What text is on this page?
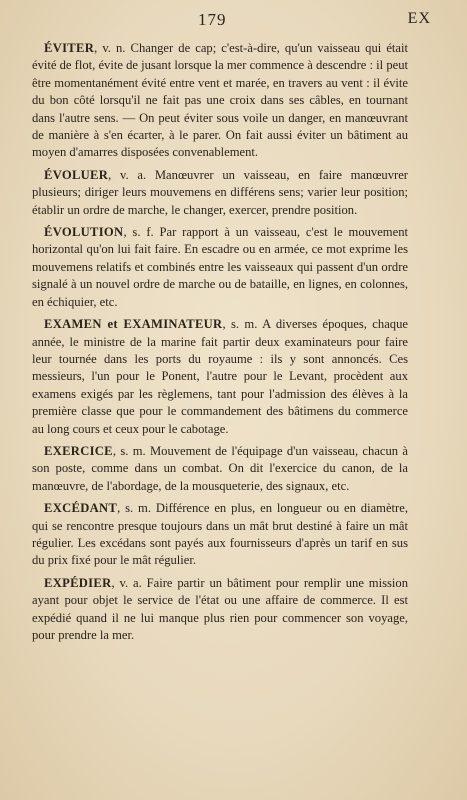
179	EX

ÉVITER, v. n. Changer de cap; c'est-à-dire, qu'un vaisseau qui était évité de flot, évite de jusant lorsque la mer commence à descendre : il peut être momentanément évité entre vent et marée, en travers au vent : il évite du bon côté lorsqu'il ne fait pas une croix dans ses câbles, en tournant dans l'autre sens. — On peut éviter sous voile un danger, en manœuvrant de manière à s'en écarter, à le parer. On fait aussi éviter un bâtiment au moyen d'amarres disposées convenablement.

ÉVOLUER, v. a. Manœuvrer un vaisseau, en faire manœuvrer plusieurs; diriger leurs mouvemens en différens sens; varier leur position; établir un ordre de marche, le changer, exercer, prendre position.

ÉVOLUTION, s. f. Par rapport à un vaisseau, c'est le mouvement horizontal qu'on lui fait faire. En escadre ou en armée, ce mot exprime les mouvemens relatifs et combinés entre les vaisseaux qui passent d'un ordre signalé à un nouvel ordre de marche ou de bataille, en lignes, en colonnes, en échiquier, etc.

EXAMEN et EXAMINATEUR, s. m. A diverses époques, chaque année, le ministre de la marine fait partir deux examinateurs pour faire leur tournée dans les ports du royaume : ils y sont annoncés. Ces messieurs, l'un pour le Ponent, l'autre pour le Levant, procèdent aux examens exigés par les règlemens, tant pour l'admission des élèves à la première classe que pour le commandement des bâtimens du commerce au long cours et ceux pour le cabotage.

EXERCICE, s. m. Mouvement de l'équipage d'un vaisseau, chacun à son poste, comme dans un combat. On dit l'exercice du canon, de la manœuvre, de l'abordage, de la mousqueterie, des signaux, etc.

EXCÉDANT, s. m. Différence en plus, en longueur ou en diamètre, qui se rencontre presque toujours dans un mât brut destiné à faire un mât régulier. Les excédans sont payés aux fournisseurs d'après un tarif en sus du prix fixé pour le mât régulier.

EXPÉDIER, v. a. Faire partir un bâtiment pour remplir une mission ayant pour objet le service de l'état ou une affaire de commerce. Il est expédié quand il ne lui manque plus rien pour commencer son voyage, pour prendre la mer.
